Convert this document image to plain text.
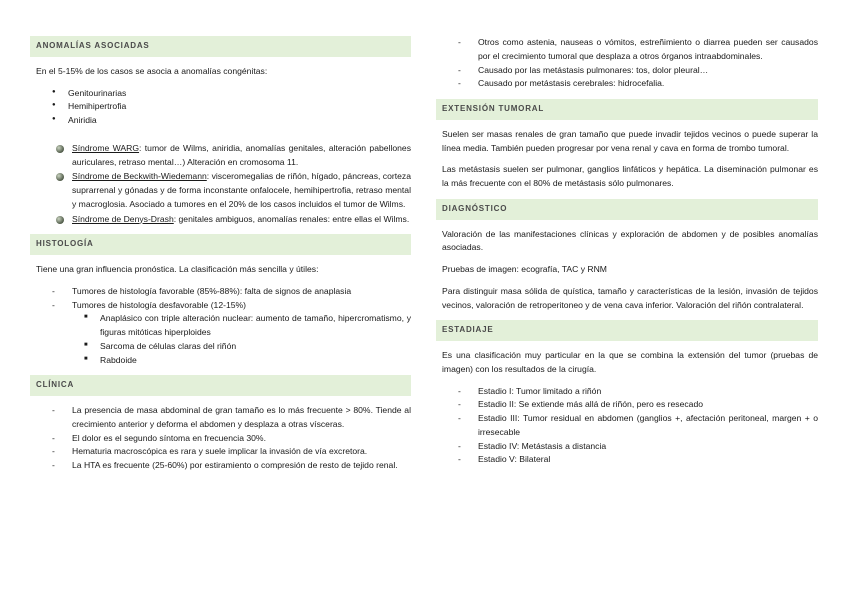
ANOMALÍAS ASOCIADAS

En el 5-15% de los casos se asocia a anomalías congénitas:

● Genitourinarias
● Hemihipertrofia
● Aniridia
Síndrome WARG: tumor de Wilms, aniridia, anomalías genitales, alteración pabellones auriculares, retraso mental…) Alteración en cromosoma 11.
Síndrome de Beckwith-Wiedemann: visceromegalias de riñón, hígado, páncreas, corteza suprarrenal y gónadas y de forma inconstante onfalocele, hemihipertrofia, retraso mental y macroglosia. Asociado a tumores en el 20% de los casos incluidos el tumor de Wilms.
Síndrome de Denys-Drash: genitales ambiguos, anomalías renales: entre ellas el Wilms.
HISTOLOGÍA

Tiene una gran influencia pronóstica. La clasificación más sencilla y útiles:

- Tumores de histología favorable (85%-88%): falta de signos de anaplasia
- Tumores de histología desfavorable (12-15%)
■ Anaplásico con triple alteración nuclear: aumento de tamaño, hipercromatismo, y figuras mitóticas hiperploides
■ Sarcoma de células claras del riñón
■ Rabdoide
CLÍNICA
- La presencia de masa abdominal de gran tamaño es lo más frecuente > 80%. Tiende al crecimiento anterior y deforma el abdomen y desplaza a otras vísceras.
- El dolor es el segundo síntoma en frecuencia 30%.
- Hematuria macroscópica es rara y suele implicar la invasión de vía excretora.
- La HTA es frecuente (25-60%) por estiramiento o compresión de resto de tejido renal.
- Otros como astenia, nauseas o vómitos, estreñimiento o diarrea pueden ser causados por el crecimiento tumoral que desplaza a otros órganos intraabdominales.
- Causado por las metástasis pulmonares: tos, dolor pleural…
- Causado por metástasis cerebrales: hidrocefalia.
EXTENSIÓN TUMORAL

Suelen ser masas renales de gran tamaño que puede invadir tejidos vecinos o puede superar la línea media. También pueden progresar por vena renal y cava en forma de trombo tumoral.

Las metástasis suelen ser pulmonar, ganglios linfáticos y hepática. La diseminación pulmonar es la más frecuente con el 80% de metástasis sólo pulmonares.

DIAGNÓSTICO

Valoración de las manifestaciones clínicas y exploración de abdomen y de posibles anomalías asociadas.

Pruebas de imagen: ecografía, TAC y RNM

Para distinguir masa sólida de quística, tamaño y características de la lesión, invasión de tejidos vecinos, valoración de retroperitoneo y de vena cava inferior. Valoración del riñón contralateral.

ESTADIAJE

Es una clasificación muy particular en la que se combina la extensión del tumor (pruebas de imagen) con los resultados de la cirugía.

- Estadio I: Tumor limitado a riñón
- Estadio II: Se extiende más allá de riñón, pero es resecado
- Estadio III: Tumor residual en abdomen (ganglios +, afectación peritoneal, margen + o irresecable
- Estadio IV: Metástasis a distancia
- Estadio V: Bilateral
